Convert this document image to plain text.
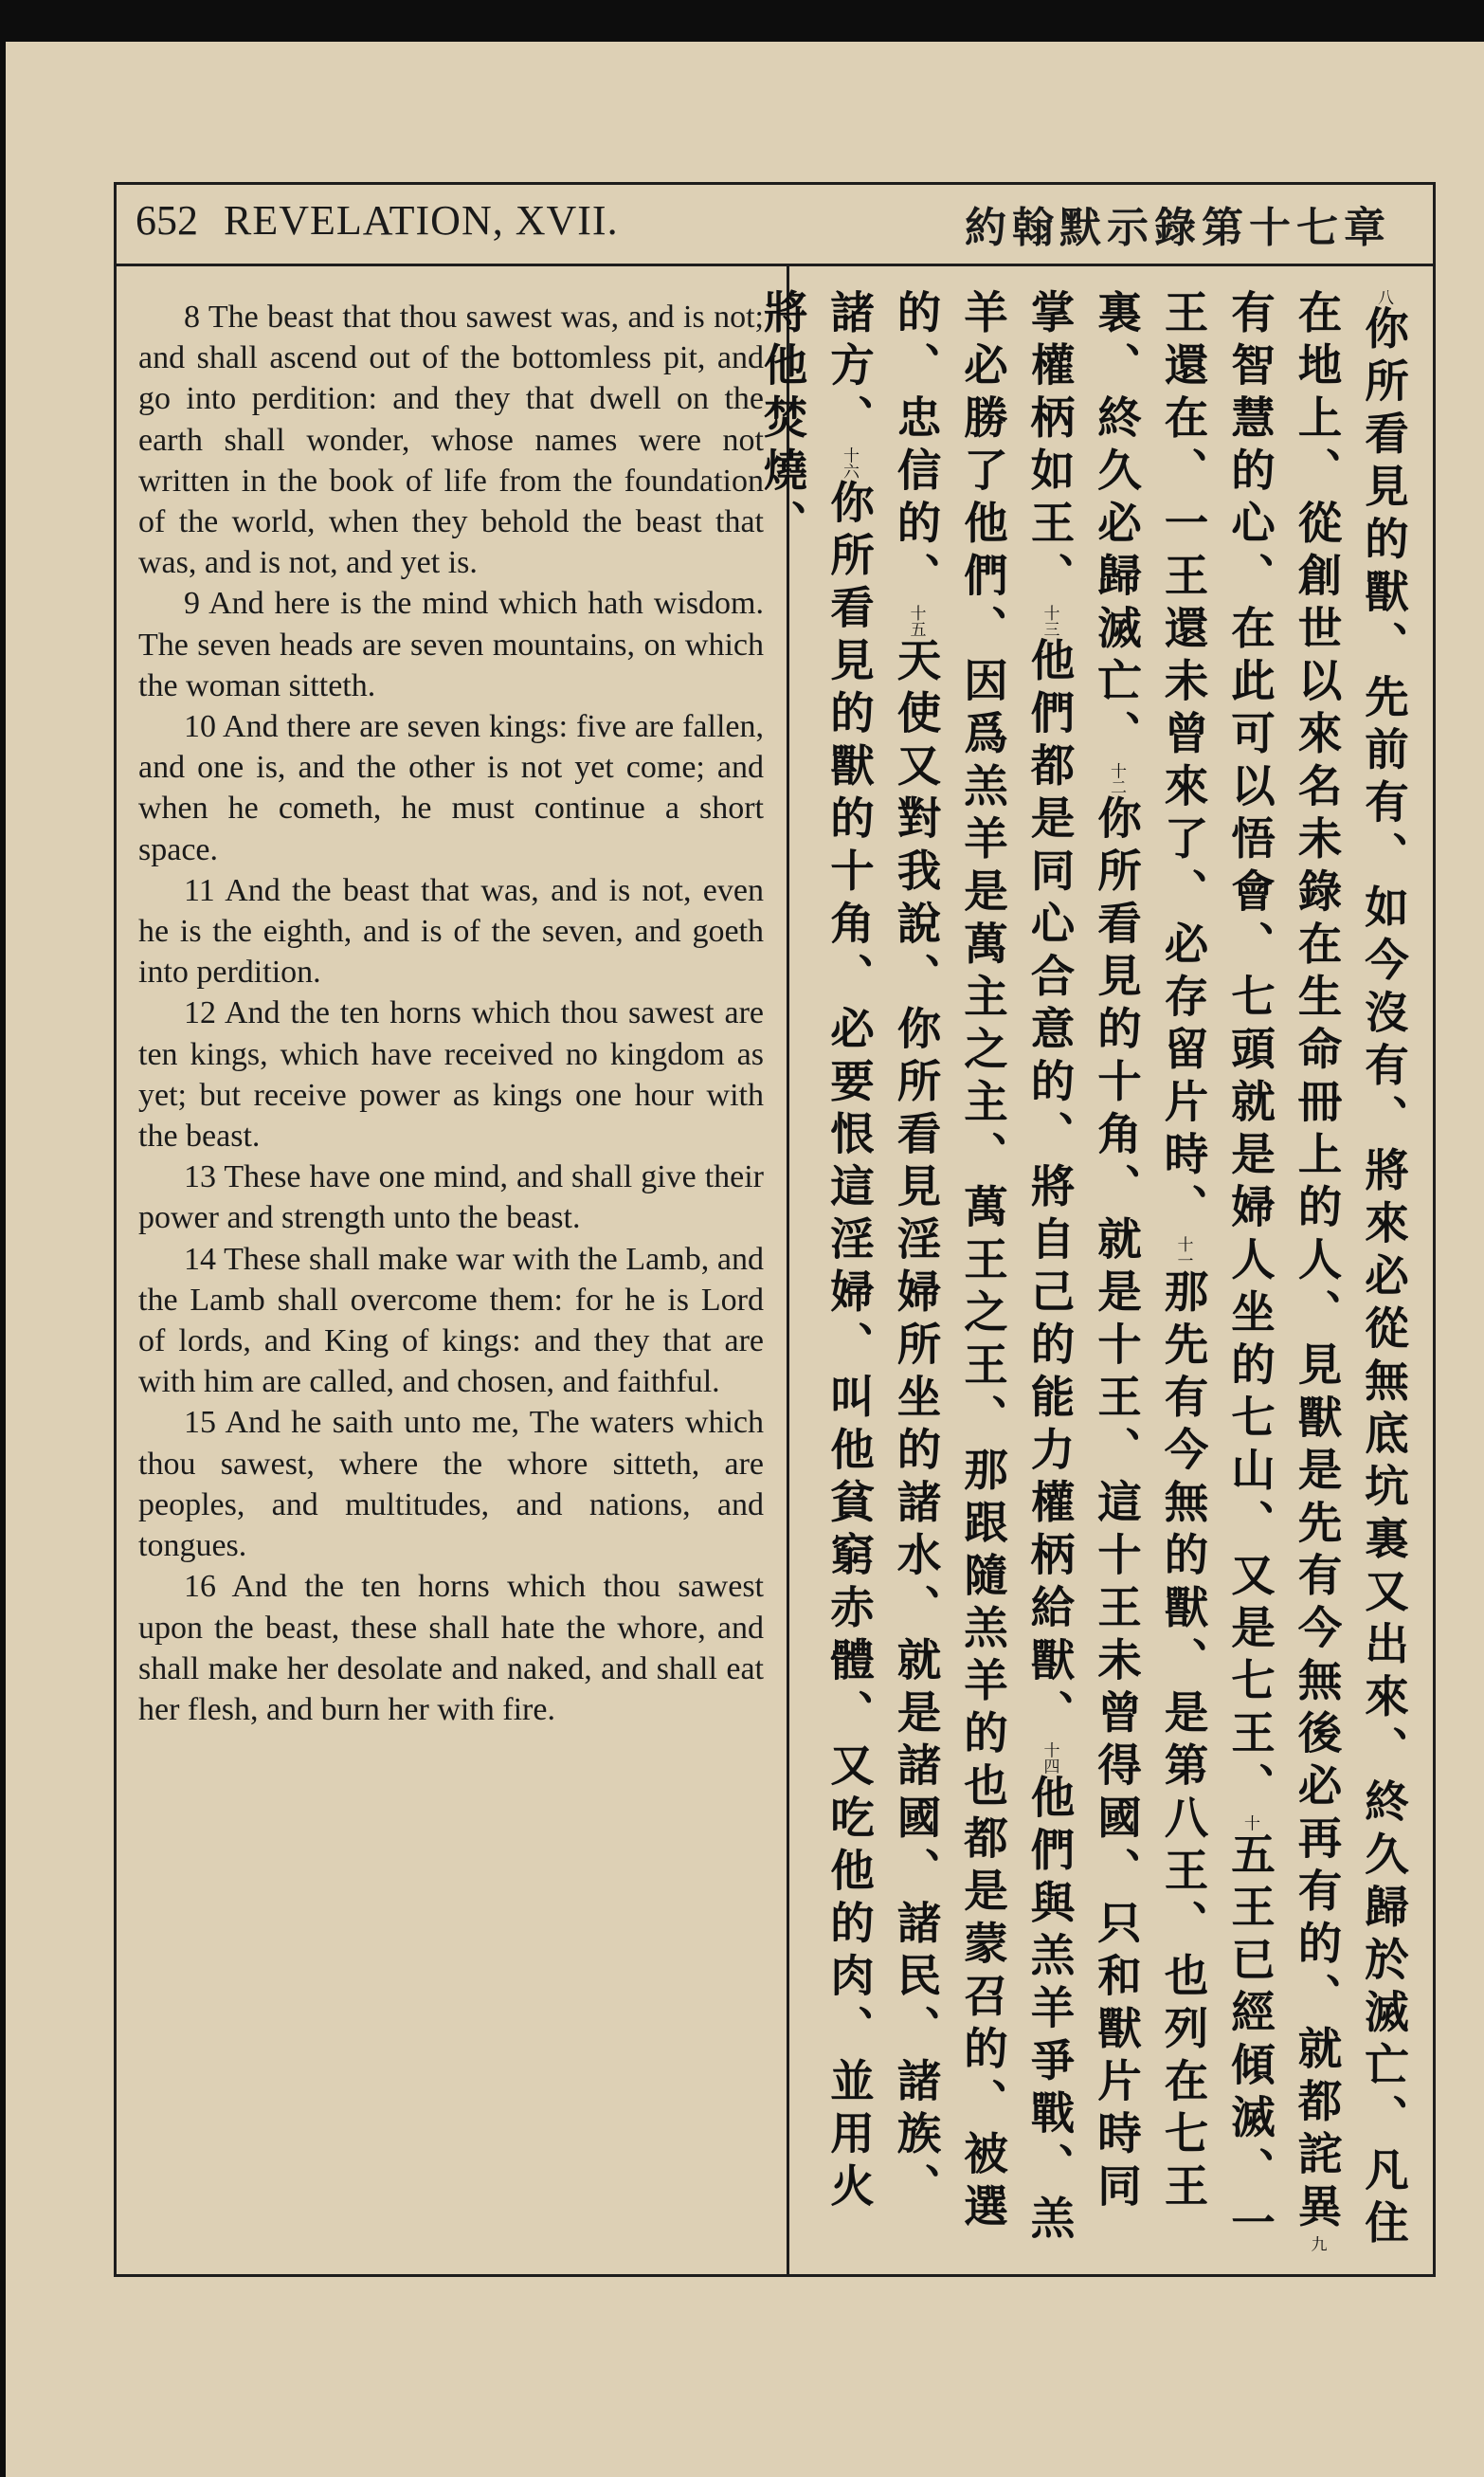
652 REVELATION, XVII.	約翰默示錄第十七章

8 The beast that thou sawest was, and is not; and shall ascend out of the bottomless pit, and go into perdition: and they that dwell on the earth shall wonder, whose names were not written in the book of life from the foundation of the world, when they behold the beast that was, and is not, and yet is.

9 And here is the mind which hath wisdom. The seven heads are seven mountains, on which the woman sitteth.

10 And there are seven kings: five are fallen, and one is, and the other is not yet come; and when he cometh, he must continue a short space.

11 And the beast that was, and is not, even he is the eighth, and is of the seven, and goeth into perdition.

12 And the ten horns which thou sawest are ten kings, which have received no kingdom as yet; but receive power as kings one hour with the beast.

13 These have one mind, and shall give their power and strength unto the beast.

14 These shall make war with the Lamb, and the Lamb shall overcome them: for he is Lord of lords, and King of kings: and they that are with him are called, and chosen, and faithful.

15 And he saith unto me, The waters which thou sawest, where the whore sitteth, are peoples, and multitudes, and nations, and tongues.

16 And the ten horns which thou sawest upon the beast, these shall hate the whore, and shall make her desolate and naked, and shall eat her flesh, and burn her with fire.

$^八$你所看見的獸、先前有、如今沒有、將來必從無底坑裏又出來、終久歸於滅亡、凡住在地上、從創世以來名未錄在生命冊上的人、見獸是先有今無後必再有的、就都詫異$^九$有智慧的心、在此可以悟會、七頭就是婦人坐的七山、又是七王、$^十$五王已經傾滅、一王還在、一王還未曾來了、必存留片時、$^{十一}$那先有今無的獸、是第八王、也列在七王裏、終久必歸滅亡、$^{十二}$你所看見的十角、就是十王、這十王未曾得國、只和獸片時同掌權柄如王、$^{十三}$他們都是同心合意的、將自己的能力權柄給獸、$^{十四}$他們與羔羊爭戰、羔羊必勝了他們、因爲羔羊是萬主之主、萬王之王、那跟隨羔羊的也都是蒙召的、被選的、忠信的、$^{十五}$天使又對我說、你所看見淫婦所坐的諸水、就是諸國、諸民、諸族、諸方、$^{十六}$你所看見的獸的十角、必要恨這淫婦、叫他貧窮赤體、又吃他的肉、並用火將他焚燒、
